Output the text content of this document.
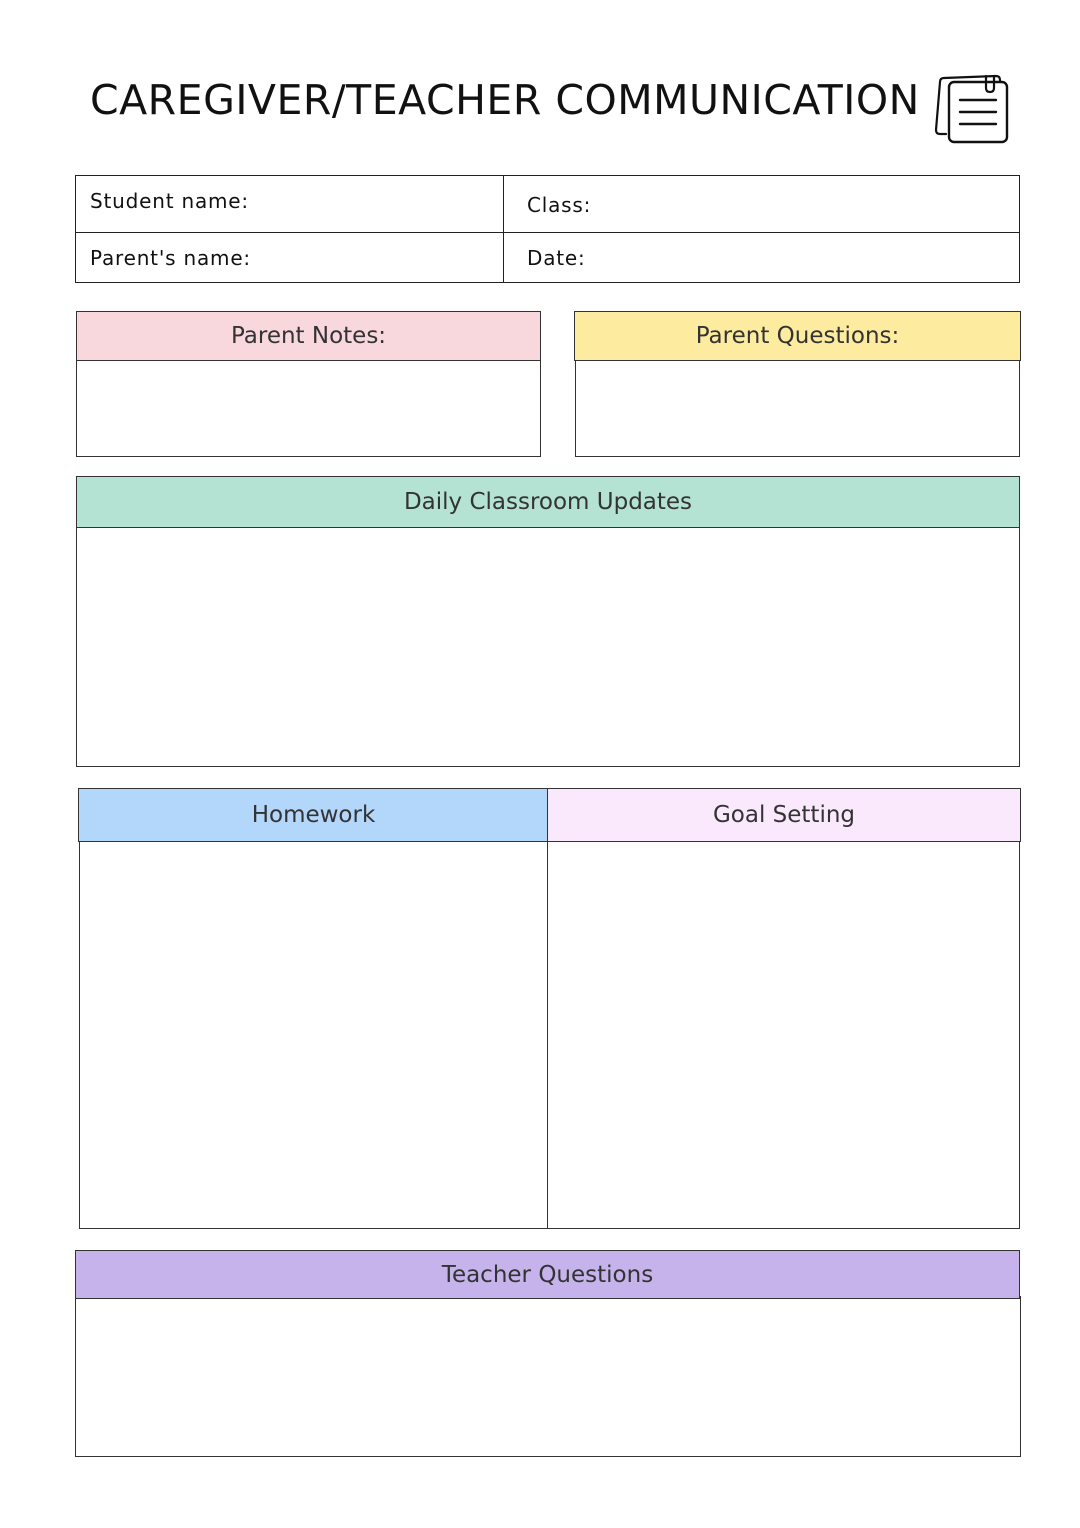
CAREGIVER/TEACHER COMMUNICATION
Student name:	Class:
Parent's name:	Date:
Parent Notes:	Parent Questions:
Daily Classroom Updates
Homework	Goal Setting
Teacher Questions
